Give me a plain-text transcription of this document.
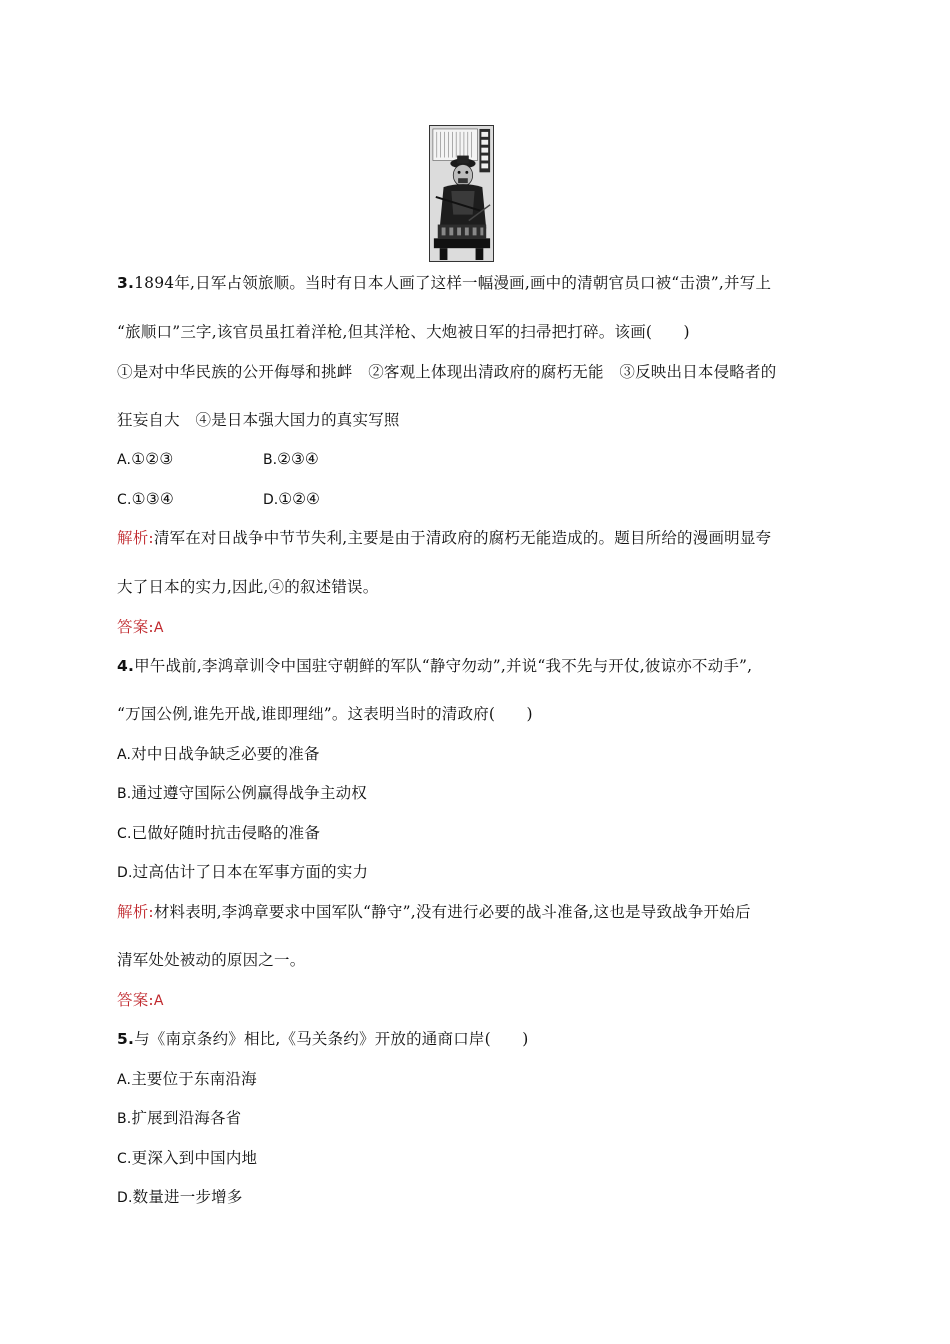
3.1894年,日军占领旅顺。当时有日本人画了这样一幅漫画,画中的清朝官员口被“击溃”,并写上
“旅顺口”三字,该官员虽扛着洋枪,但其洋枪、大炮被日军的扫帚把打碎。该画(　　)
①是对中华民族的公开侮辱和挑衅　②客观上体现出清政府的腐朽无能　③反映出日本侵略者的
狂妄自大　④是日本强大国力的真实写照
A.①②③	B.②③④
C.①③④	D.①②④
解析:清军在对日战争中节节失利,主要是由于清政府的腐朽无能造成的。题目所给的漫画明显夸
大了日本的实力,因此,④的叙述错误。
答案:A
4.甲午战前,李鸿章训令中国驻守朝鲜的军队“静守勿动”,并说“我不先与开仗,彼谅亦不动手”,
“万国公例,谁先开战,谁即理绌”。这表明当时的清政府(　　)
A.对中日战争缺乏必要的准备
B.通过遵守国际公例赢得战争主动权
C.已做好随时抗击侵略的准备
D.过高估计了日本在军事方面的实力
解析:材料表明,李鸿章要求中国军队“静守”,没有进行必要的战斗准备,这也是导致战争开始后
清军处处被动的原因之一。
答案:A
5.与《南京条约》相比,《马关条约》开放的通商口岸(　　)
A.主要位于东南沿海
B.扩展到沿海各省
C.更深入到中国内地
D.数量进一步增多
